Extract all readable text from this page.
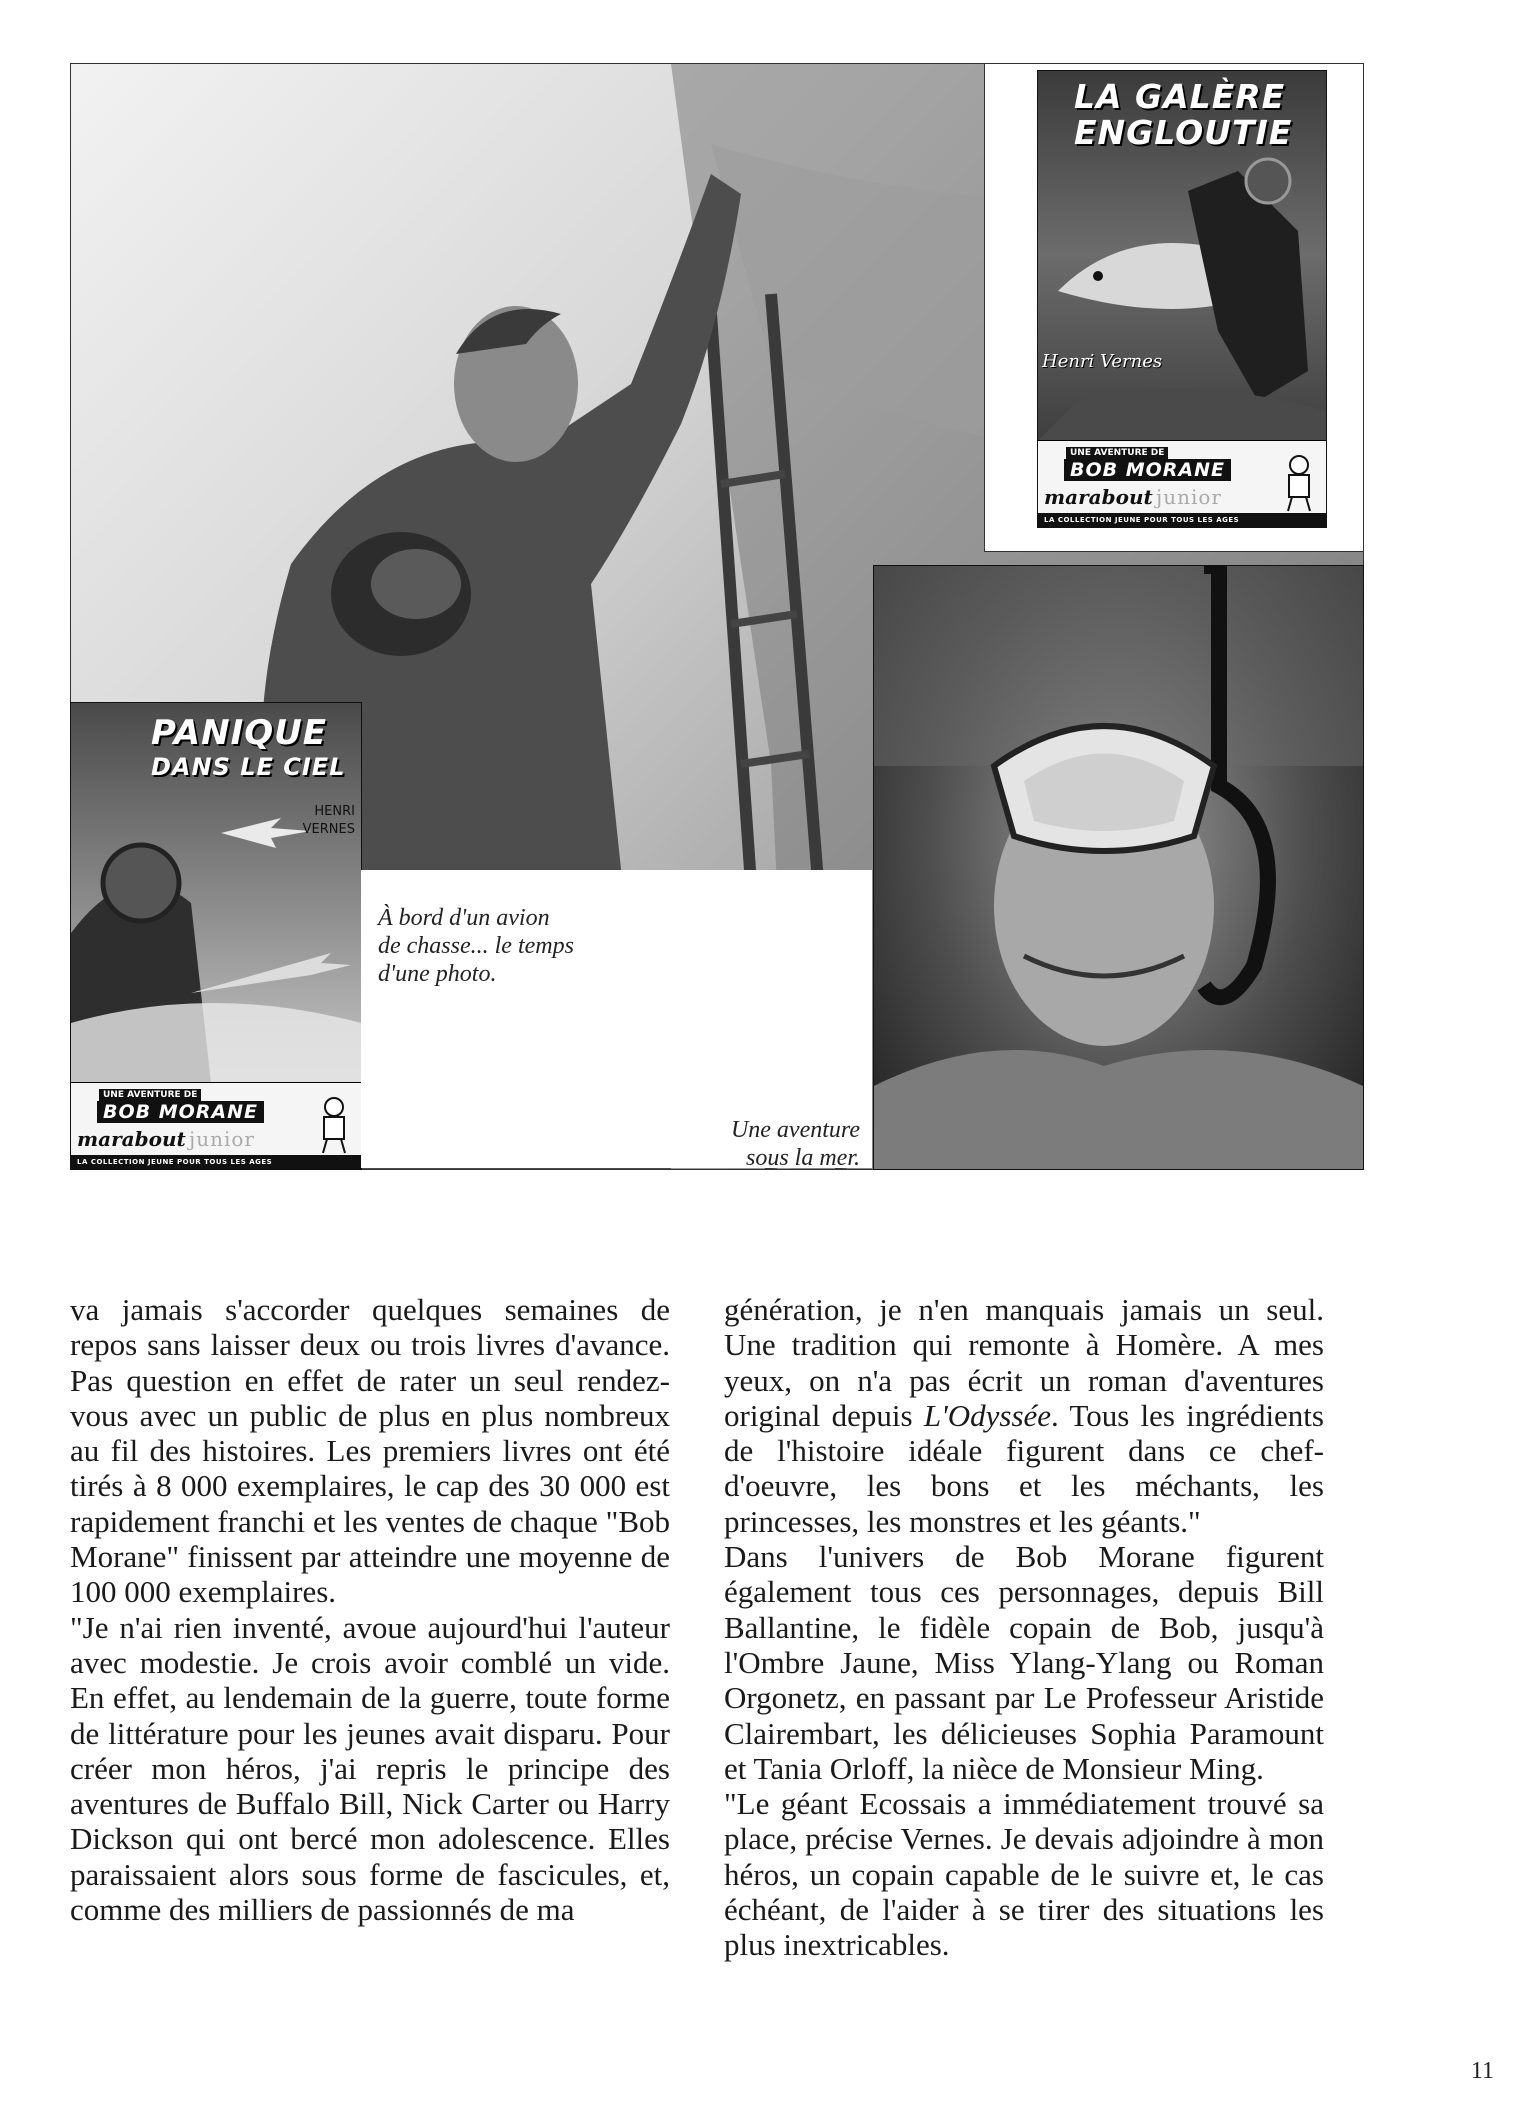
LA GALÈRE
ENGLOUTIE
Henri Vernes
UNE AVENTURE DE
BOB MORANE
marabout junior
LA COLLECTION JEUNE POUR TOUS LES AGES
PANIQUE
DANS LE CIEL
HENRI
VERNES
UNE AVENTURE DE
BOB MORANE
marabout junior
LA COLLECTION JEUNE POUR TOUS LES AGES
À bord d'un avion
de chasse... le temps
d'une photo.
Une aventure
sous la mer.

va jamais s'accorder quelques semaines de repos sans laisser deux ou trois livres d'avance. Pas question en effet de rater un seul rendez-vous avec un public de plus en plus nombreux au fil des histoires. Les premiers livres ont été tirés à 8 000 exemplaires, le cap des 30 000 est rapidement franchi et les ventes de chaque "Bob Morane" finissent par atteindre une moyenne de 100 000 exemplaires.

"Je n'ai rien inventé, avoue aujourd'hui l'auteur avec modestie. Je crois avoir comblé un vide. En effet, au lendemain de la guerre, toute forme de littérature pour les jeunes avait disparu. Pour créer mon héros, j'ai repris le principe des aventures de Buffalo Bill, Nick Carter ou Harry Dickson qui ont bercé mon adolescence. Elles paraissaient alors sous forme de fascicules, et, comme des milliers de passionnés de ma

génération, je n'en manquais jamais un seul. Une tradition qui remonte à Homère. A mes yeux, on n'a pas écrit un roman d'aventures original depuis L'Odyssée. Tous les ingrédients de l'histoire idéale figurent dans ce chef-d'oeuvre, les bons et les méchants, les princesses, les monstres et les géants."

Dans l'univers de Bob Morane figurent également tous ces personnages, depuis Bill Ballantine, le fidèle copain de Bob, jusqu'à l'Ombre Jaune, Miss Ylang-Ylang ou Roman Orgonetz, en passant par Le Professeur Aristide Clairembart, les délicieuses Sophia Paramount et Tania Orloff, la nièce de Monsieur Ming.

"Le géant Ecossais a immédiatement trouvé sa place, précise Vernes. Je devais adjoindre à mon héros, un copain capable de le suivre et, le cas échéant, de l'aider à se tirer des situations les plus inextricables.

11
